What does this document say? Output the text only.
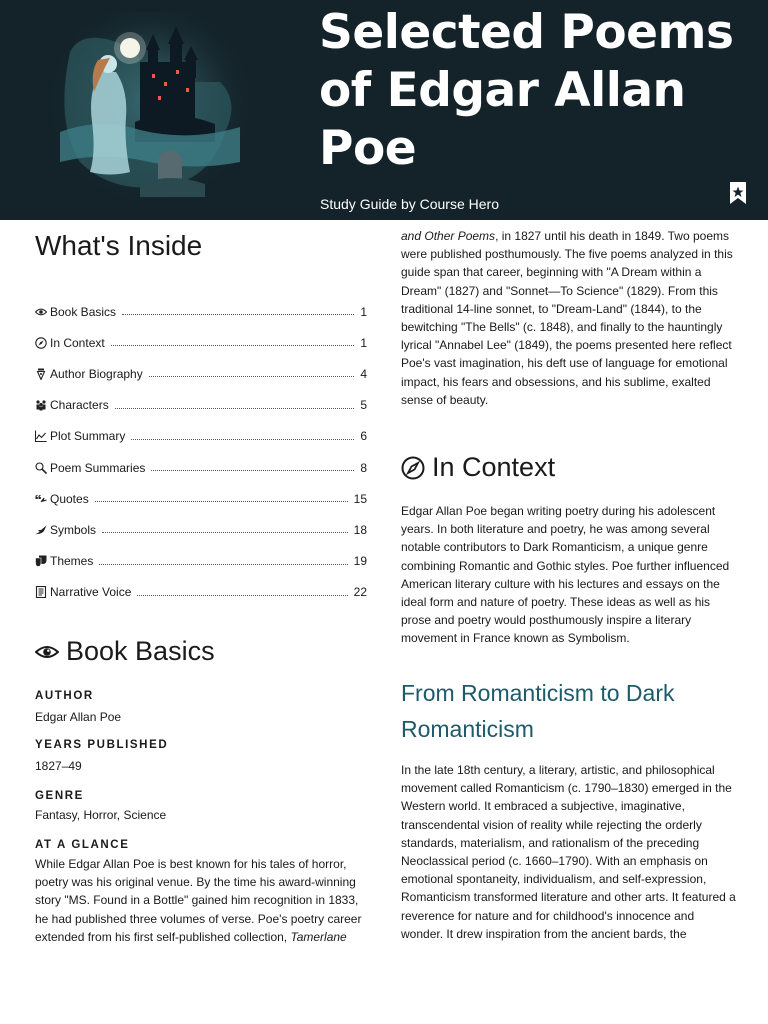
Selected Poems of Edgar Allan Poe
Study Guide by Course Hero
What's Inside
Book Basics	1
In Context	1
Author Biography	4
Characters	5
Plot Summary	6
Poem Summaries	8
Quotes	15
Symbols	18
Themes	19
Narrative Voice	22
Book Basics
AUTHOR
Edgar Allan Poe
YEARS PUBLISHED
1827–49
GENRE
Fantasy, Horror, Science
AT A GLANCE
While Edgar Allan Poe is best known for his tales of horror, poetry was his original venue. By the time his award-winning story "MS. Found in a Bottle" gained him recognition in 1833, he had published three volumes of verse. Poe's poetry career extended from his first self-published collection, Tamerlane
and Other Poems, in 1827 until his death in 1849. Two poems were published posthumously. The five poems analyzed in this guide span that career, beginning with "A Dream within a Dream" (1827) and "Sonnet—To Science" (1829). From this traditional 14-line sonnet, to "Dream-Land" (1844), to the bewitching "The Bells" (c. 1848), and finally to the hauntingly lyrical "Annabel Lee" (1849), the poems presented here reflect Poe's vast imagination, his deft use of language for emotional impact, his fears and obsessions, and his sublime, exalted sense of beauty.
In Context
Edgar Allan Poe began writing poetry during his adolescent years. In both literature and poetry, he was among several notable contributors to Dark Romanticism, a unique genre combining Romantic and Gothic styles. Poe further influenced American literary culture with his lectures and essays on the ideal form and nature of poetry. These ideas as well as his prose and poetry would posthumously inspire a literary movement in France known as Symbolism.
From Romanticism to Dark Romanticism
In the late 18th century, a literary, artistic, and philosophical movement called Romanticism (c. 1790–1830) emerged in the Western world. It embraced a subjective, imaginative, transcendental vision of reality while rejecting the orderly standards, materialism, and rationalism of the preceding Neoclassical period (c. 1660–1790). With an emphasis on emotional spontaneity, individualism, and self-expression, Romanticism transformed literature and other arts. It featured a reverence for nature and for childhood's innocence and wonder. It drew inspiration from the ancient bards, the
